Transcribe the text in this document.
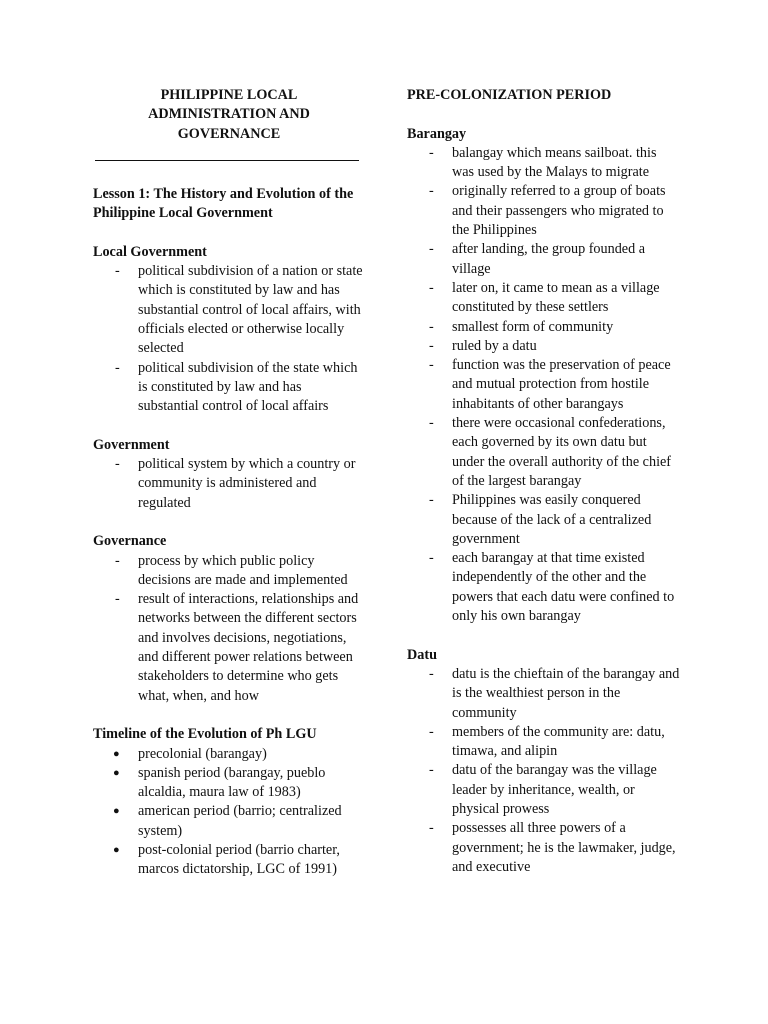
PHILIPPINE LOCAL
ADMINISTRATION AND
GOVERNANCE

Lesson 1: The History and Evolution of the Philippine Local Government

Local Government

- political subdivision of a nation or state which is constituted by law and has substantial control of local affairs, with officials elected or otherwise locally selected
- political subdivision of the state which is constituted by law and has substantial control of local affairs

Government

- political system by which a country or community is administered and regulated

Governance

- process by which public policy decisions are made and implemented
- result of interactions, relationships and networks between the different sectors and involves decisions, negotiations, and different power relations between stakeholders to determine who gets what, when, and how

Timeline of the Evolution of Ph LGU

● precolonial (barangay)
● spanish period (barangay, pueblo alcaldia, maura law of 1983)
● american period (barrio; centralized system)
● post-colonial period (barrio charter, marcos dictatorship, LGC of 1991)

PRE-COLONIZATION PERIOD

Barangay

- balangay which means sailboat. this was used by the Malays to migrate
- originally referred to a group of boats and their passengers who migrated to the Philippines
- after landing, the group founded a village
- later on, it came to mean as a village constituted by these settlers
- smallest form of community
- ruled by a datu
- function was the preservation of peace and mutual protection from hostile inhabitants of other barangays
- there were occasional confederations, each governed by its own datu but under the overall authority of the chief of the largest barangay
- Philippines was easily conquered because of the lack of a centralized government
- each barangay at that time existed independently of the other and the powers that each datu were confined to only his own barangay

Datu

- datu is the chieftain of the barangay and is the wealthiest person in the community
- members of the community are: datu, timawa, and alipin
- datu of the barangay was the village leader by inheritance, wealth, or physical prowess
- possesses all three powers of a government; he is the lawmaker, judge, and executive
